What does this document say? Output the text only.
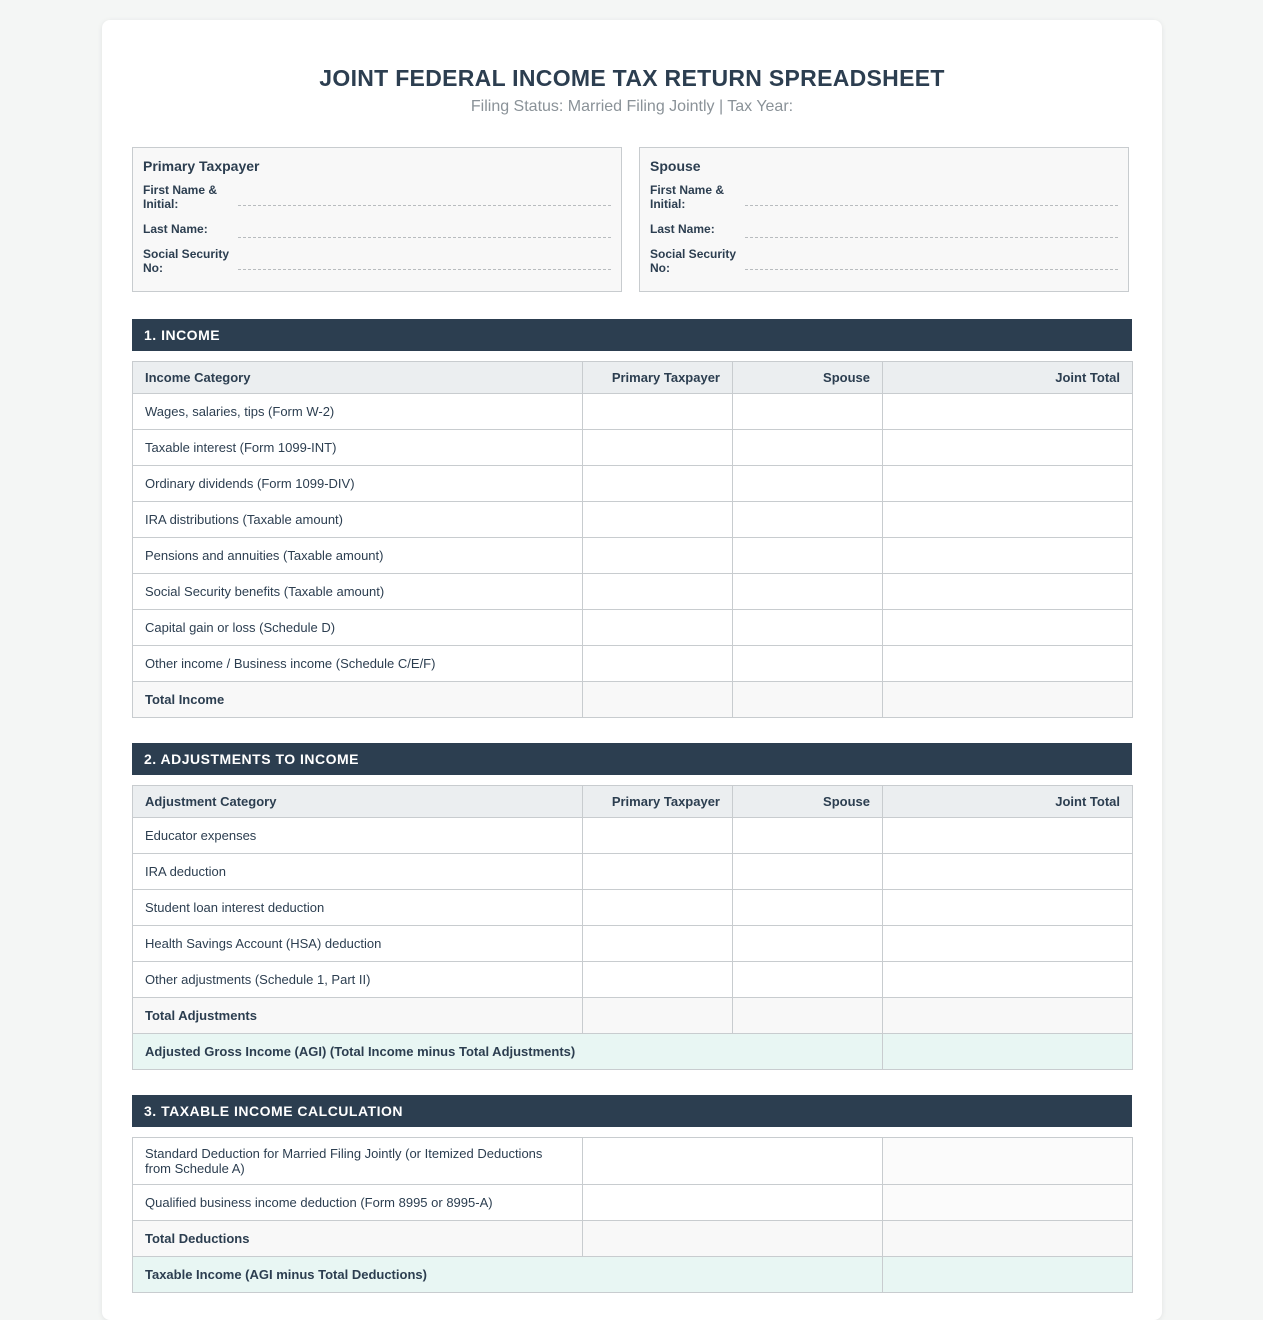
JOINT FEDERAL INCOME TAX RETURN SPREADSHEET
Filing Status: Married Filing Jointly | Tax Year:
Primary Taxpayer
First Name & Initial:
Last Name:
Social Security No:
Spouse
First Name & Initial:
Last Name:
Social Security No:
1. INCOME
Income Category	Primary Taxpayer	Spouse	Joint Total
Wages, salaries, tips (Form W-2)			
Taxable interest (Form 1099-INT)			
Ordinary dividends (Form 1099-DIV)			
IRA distributions (Taxable amount)			
Pensions and annuities (Taxable amount)			
Social Security benefits (Taxable amount)			
Capital gain or loss (Schedule D)			
Other income / Business income (Schedule C/E/F)			
Total Income			
2. ADJUSTMENTS TO INCOME
Adjustment Category	Primary Taxpayer	Spouse	Joint Total
Educator expenses			
IRA deduction			
Student loan interest deduction			
Health Savings Account (HSA) deduction			
Other adjustments (Schedule 1, Part II)			
Total Adjustments			
Adjusted Gross Income (AGI) (Total Income minus Total Adjustments)			
3. TAXABLE INCOME CALCULATION
Standard Deduction for Married Filing Jointly (or Itemized Deductions from Schedule A)		
Qualified business income deduction (Form 8995 or 8995-A)		
Total Deductions		
Taxable Income (AGI minus Total Deductions)		
